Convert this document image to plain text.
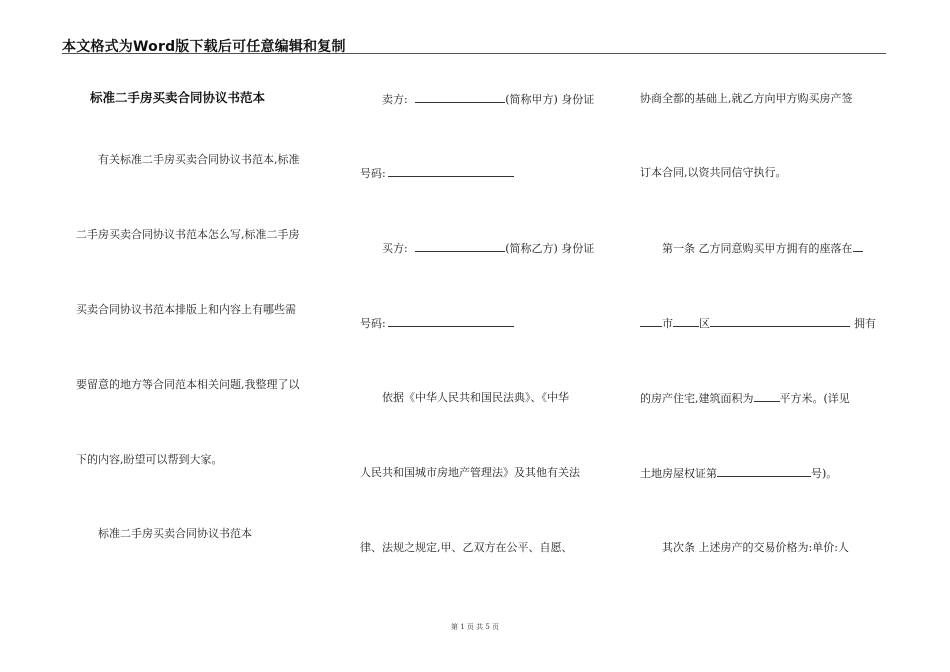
本文格式为Word版下载后可任意编辑和复制
标准二手房买卖合同协议书范本
有关标准二手房买卖合同协议书范本,标准
二手房买卖合同协议书范本怎么写,标准二手房
买卖合同协议书范本排版上和内容上有哪些需
要留意的地方等合同范本相关问题,我整理了以
下的内容,盼望可以帮到大家。
标准二手房买卖合同协议书范本
卖方:	(简称甲方) 身份证
号码:
买方:	(简称乙方) 身份证
号码:
依据《中华人民共和国民法典》、《中华
人民共和国城市房地产管理法》及其他有关法
律、法规之规定,甲、乙双方在公平、自愿、
协商全都的基础上,就乙方向甲方购买房产签
订本合同,以资共同信守执行。
第一条 乙方同意购买甲方拥有的座落在
市 区	拥有
的房产住宅,建筑面积为 平方米。(详见
土地房屋权证第	号)。
其次条 上述房产的交易价格为:单价:人
第 1 页 共 5 页
